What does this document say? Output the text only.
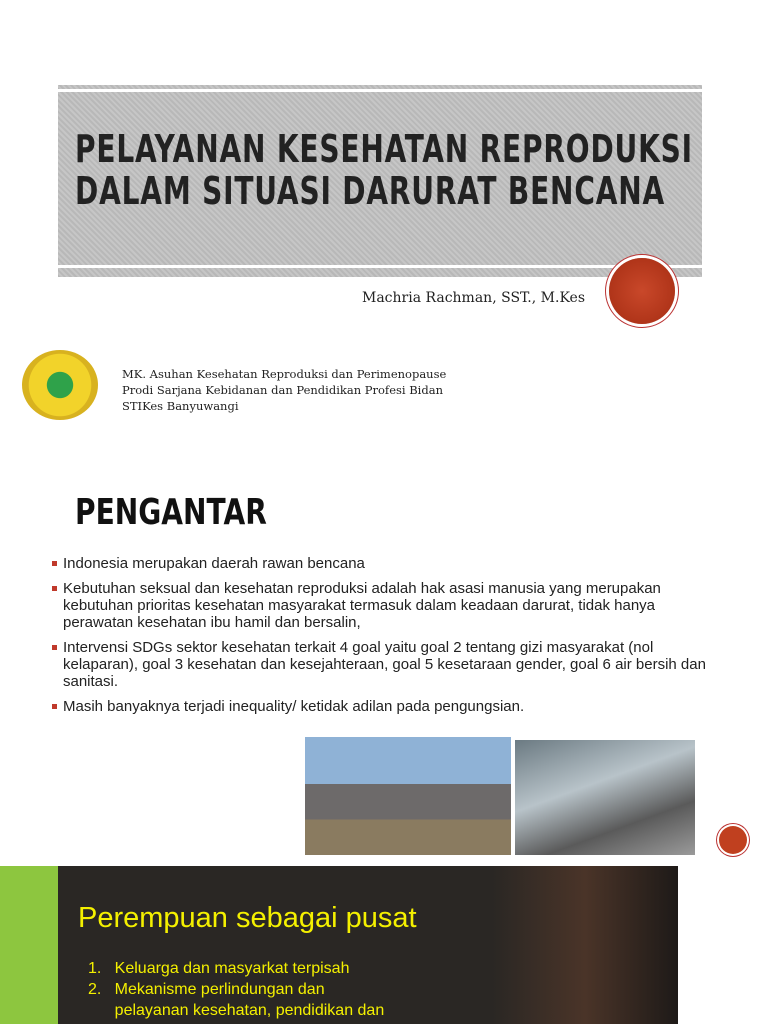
PELAYANAN KESEHATAN REPRODUKSI
DALAM SITUASI DARURAT BENCANA
Machria Rachman, SST., M.Kes
MK. Asuhan Kesehatan Reproduksi dan Perimenopause
Prodi Sarjana Kebidanan dan Pendidikan Profesi Bidan
STIKes Banyuwangi
PENGANTAR
Indonesia merupakan daerah rawan bencana
Kebutuhan seksual dan kesehatan reproduksi adalah hak asasi manusia yang merupakan kebutuhan prioritas kesehatan masyarakat termasuk dalam keadaan darurat, tidak hanya perawatan kesehatan ibu hamil dan bersalin,
Intervensi SDGs sektor kesehatan terkait 4 goal yaitu goal 2 tentang gizi masyarakat (nol kelaparan), goal 3 kesehatan dan kesejahteraan, goal 5 kesetaraan gender, goal 6 air bersih dan sanitasi.
Masih banyaknya terjadi inequality/ ketidak adilan pada pengungsian.
Perempuan sebagai pusat
1.   Keluarga dan masyarkat terpisah
2.   Mekanisme perlindungan dan
pelayanan kesehatan, pendidikan dan
